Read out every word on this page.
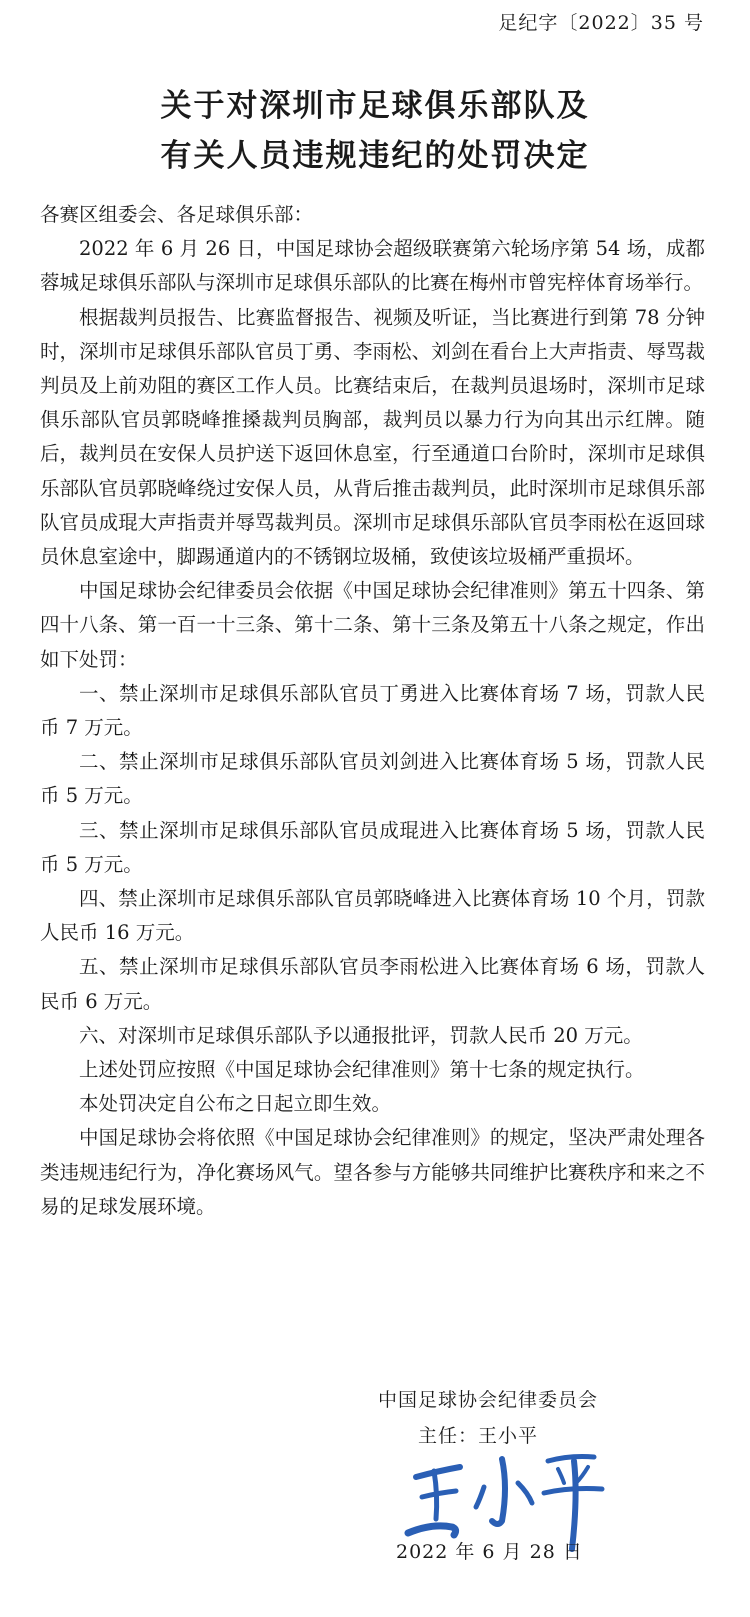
足纪字〔2022〕35 号
关于对深圳市足球俱乐部队及
有关人员违规违纪的处罚决定

各赛区组委会、各足球俱乐部：

2022 年 6 月 26 日，中国足球协会超级联赛第六轮场序第 54 场，成都蓉城足球俱乐部队与深圳市足球俱乐部队的比赛在梅州市曾宪梓体育场举行。

根据裁判员报告、比赛监督报告、视频及听证，当比赛进行到第 78 分钟时，深圳市足球俱乐部队官员丁勇、李雨松、刘剑在看台上大声指责、辱骂裁判员及上前劝阻的赛区工作人员。比赛结束后，在裁判员退场时，深圳市足球俱乐部队官员郭晓峰推搡裁判员胸部，裁判员以暴力行为向其出示红牌。随后，裁判员在安保人员护送下返回休息室，行至通道口台阶时，深圳市足球俱乐部队官员郭晓峰绕过安保人员，从背后推击裁判员，此时深圳市足球俱乐部队官员成琨大声指责并辱骂裁判员。深圳市足球俱乐部队官员李雨松在返回球员休息室途中，脚踢通道内的不锈钢垃圾桶，致使该垃圾桶严重损坏。

中国足球协会纪律委员会依据《中国足球协会纪律准则》第五十四条、第四十八条、第一百一十三条、第十二条、第十三条及第五十八条之规定，作出如下处罚：

一、禁止深圳市足球俱乐部队官员丁勇进入比赛体育场 7 场，罚款人民币 7 万元。

二、禁止深圳市足球俱乐部队官员刘剑进入比赛体育场 5 场，罚款人民币 5 万元。

三、禁止深圳市足球俱乐部队官员成琨进入比赛体育场 5 场，罚款人民币 5 万元。

四、禁止深圳市足球俱乐部队官员郭晓峰进入比赛体育场 10 个月，罚款人民币 16 万元。

五、禁止深圳市足球俱乐部队官员李雨松进入比赛体育场 6 场，罚款人民币 6 万元。

六、对深圳市足球俱乐部队予以通报批评，罚款人民币 20 万元。

上述处罚应按照《中国足球协会纪律准则》第十七条的规定执行。

本处罚决定自公布之日起立即生效。

中国足球协会将依照《中国足球协会纪律准则》的规定，坚决严肃处理各类违规违纪行为，净化赛场风气。望各参与方能够共同维护比赛秩序和来之不易的足球发展环境。

中国足球协会纪律委员会
主任：王小平
2022 年 6 月 28 日
